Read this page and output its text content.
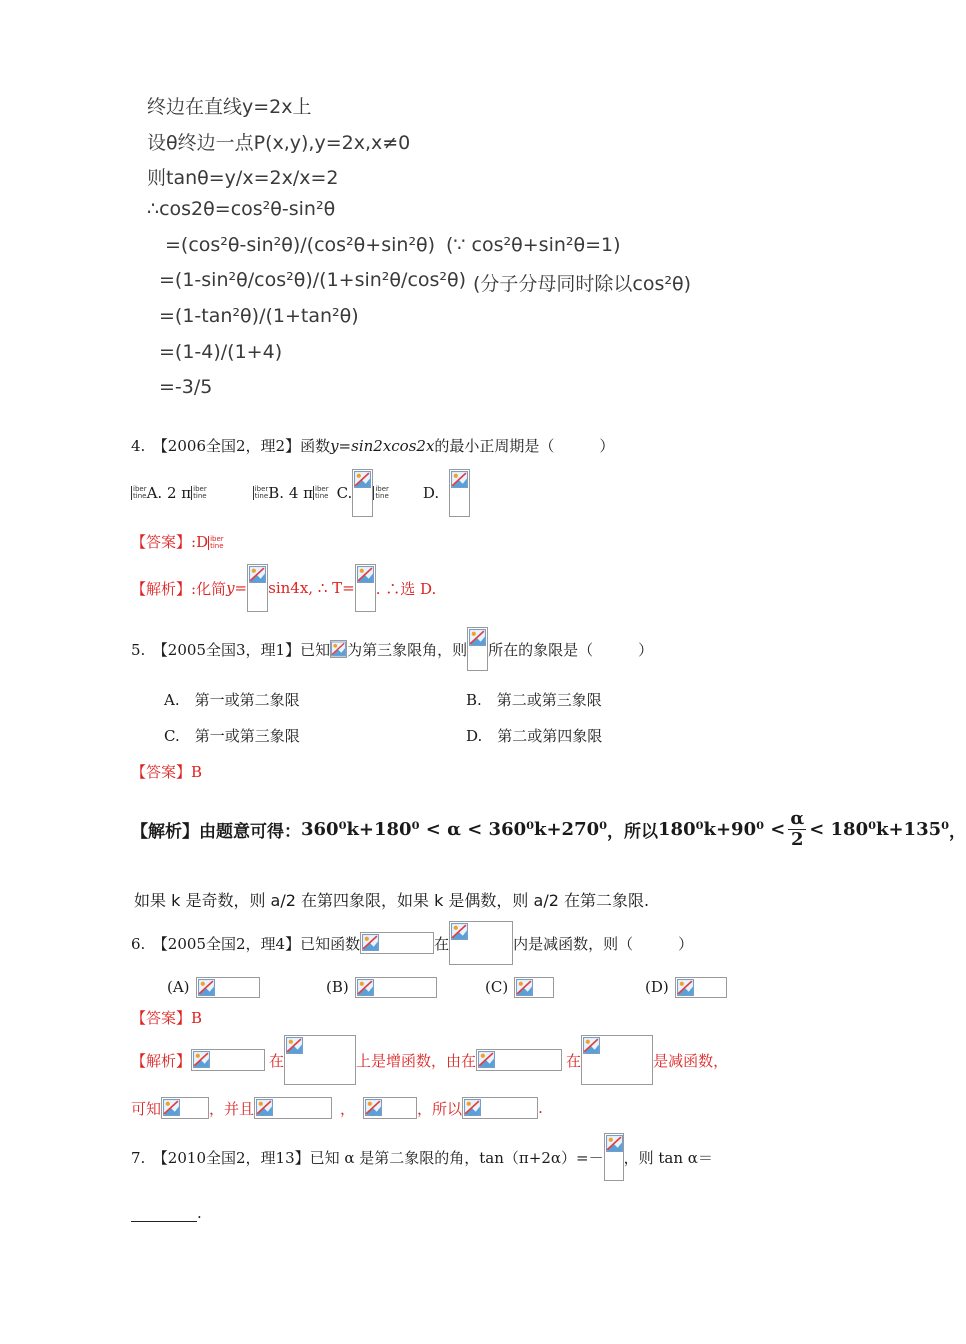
终边在直线y=2x上
设θ终边一点P(x,y),y=2x,x≠0
则tanθ=y/x=2x/x=2
∴cos2θ=cos²θ-sin²θ
=(cos²θ-sin²θ)/(cos²θ+sin²θ) (∵ cos²θ+sin²θ=1)
=(1-sin²θ/cos²θ)/(1+sin²θ/cos²θ) (分子分母同时除以cos²θ)
=(1-tan²θ)/(1+tan²θ)
=(1-4)/(1+4)
=-3/5
4.　【2006全国2，理2】函数y=sin2xcos2x的最小正周期是（　　　）
iber
tine A. 2 π iber
tine
iber
tine B. 4 π iber
tine C.	iber
tine D.
【答案】:D iber
tine
【解析】 :化简 y= sin4x, ∴ T= . ∴选 D.
5.　【2005全国3，理1】已知 为第三象限角，则 所在的象限是（　　　）
A.　第一或第二象限	B.　第二或第三象限
C.　第一或第三象限	D.　第二或第四象限
【答案】B
【解析】 由题意可得： 360⁰k+180⁰ < α < 360⁰k+270⁰ ，所以 $180^0k+90^0 < \frac{\alpha}{2} < 180^0k+135^0$ ，
如果 k 是奇数，则 a/2 在第四象限，如果 k 是偶数，则 a/2 在第二象限.
6.　【2005全国2，理4】已知函数	在	内是减函数，则（　　　）
(A)	(B)	(C)	(D)
【答案】B
【解析】	在	上是增函数，由在	在	是减函数，
可知	，并且	，	，所以	.
7.　【2010全国2，理13】已知 α 是第二象限的角，tan（π+2α）=－ ，则 tan α＝
.
